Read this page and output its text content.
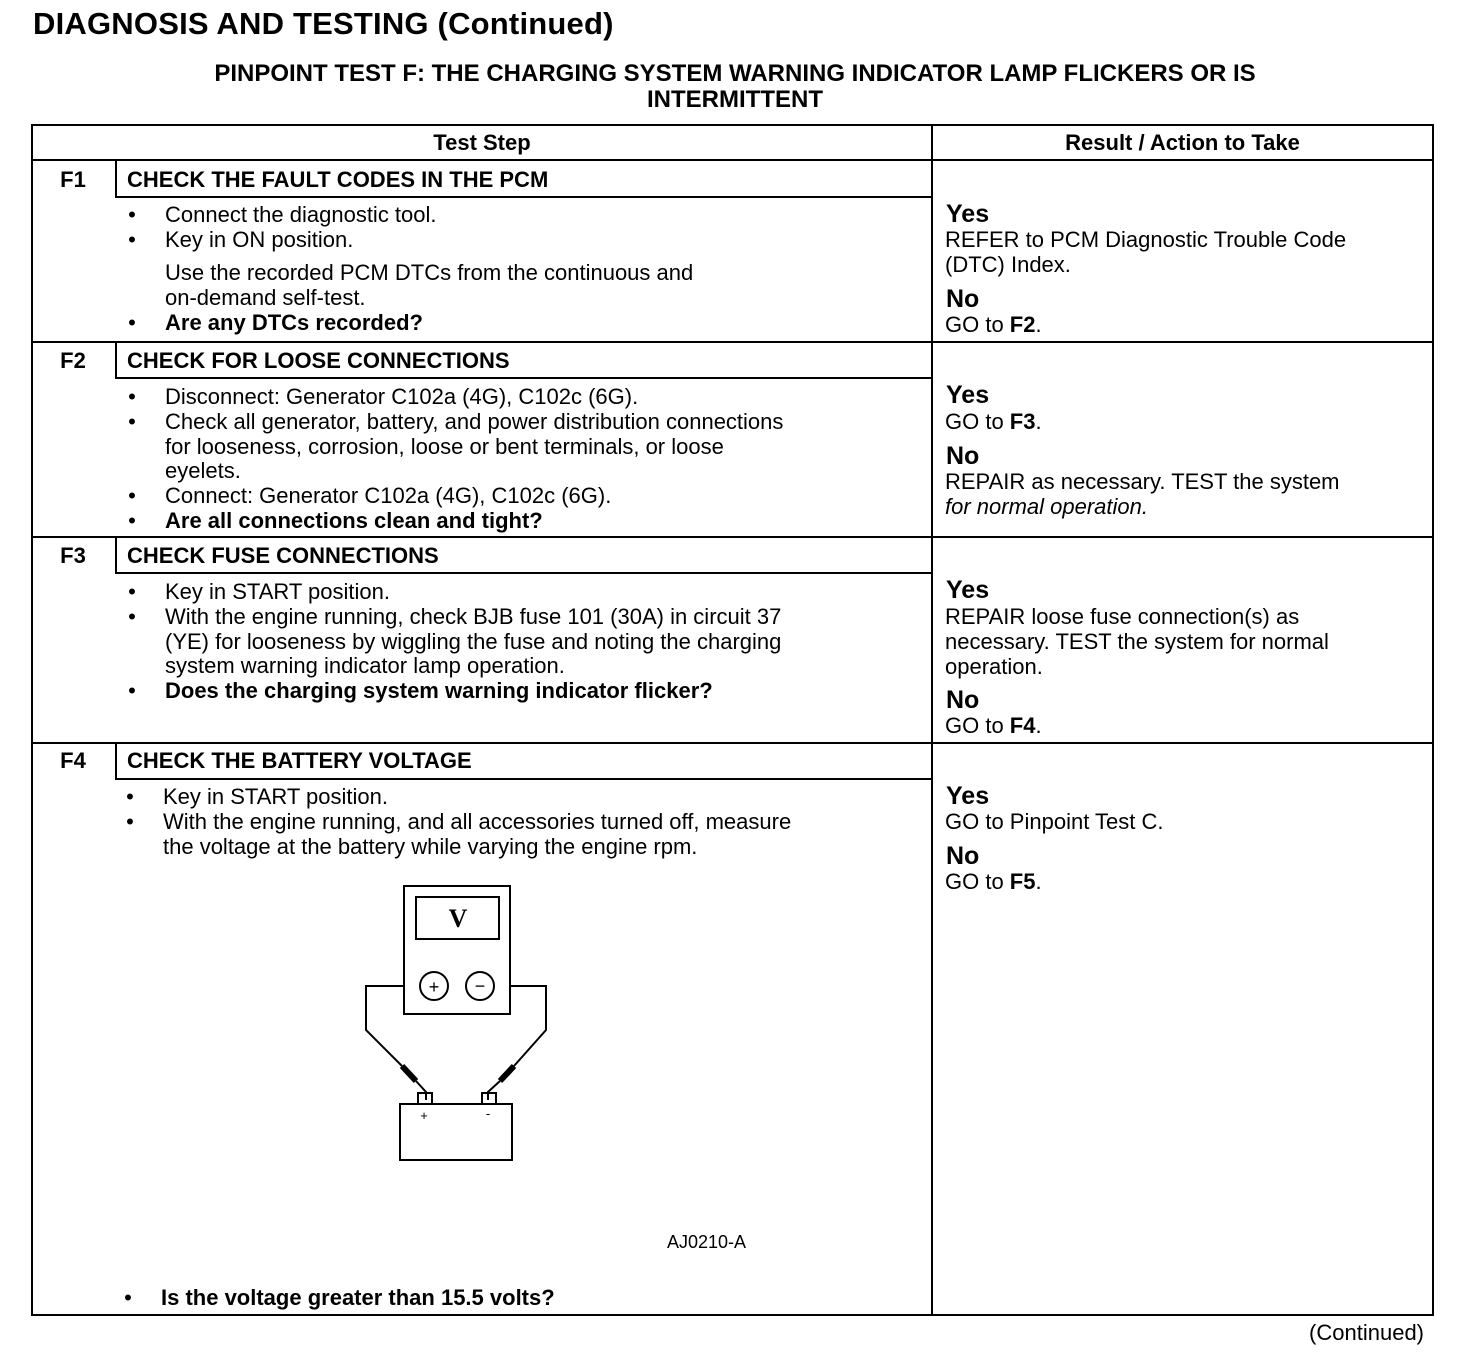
DIAGNOSIS AND TESTING (Continued)
PINPOINT TEST F: THE CHARGING SYSTEM WARNING INDICATOR LAMP FLICKERS OR IS
INTERMITTENT
Test Step	Result / Action to Take
F1	CHECK THE FAULT CODES IN THE PCM
• Connect the diagnostic tool.
• Key in ON position.
Use the recorded PCM DTCs from the continuous and
on-demand self-test.
• Are any DTCs recorded?
Yes
REFER to PCM Diagnostic Trouble Code
(DTC) Index.
No
GO to F2.
F2	CHECK FOR LOOSE CONNECTIONS
• Disconnect: Generator C102a (4G), C102c (6G).
• Check all generator, battery, and power distribution connections
for looseness, corrosion, loose or bent terminals, or loose
eyelets.
• Connect: Generator C102a (4G), C102c (6G).
• Are all connections clean and tight?
Yes
GO to F3.
No
REPAIR as necessary. TEST the system
for normal operation.
F3	CHECK FUSE CONNECTIONS
• Key in START position.
• With the engine running, check BJB fuse 101 (30A) in circuit 37
(YE) for looseness by wiggling the fuse and noting the charging
system warning indicator lamp operation.
• Does the charging system warning indicator flicker?
Yes
REPAIR loose fuse connection(s) as
necessary. TEST the system for normal
operation.
No
GO to F4.
F4	CHECK THE BATTERY VOLTAGE
• Key in START position.
• With the engine running, and all accessories turned off, measure
the voltage at the battery while varying the engine rpm.
V
+ −
+	-
AJ0210-A
• Is the voltage greater than 15.5 volts?
Yes
GO to Pinpoint Test C.
No
GO to F5.
(Continued)
